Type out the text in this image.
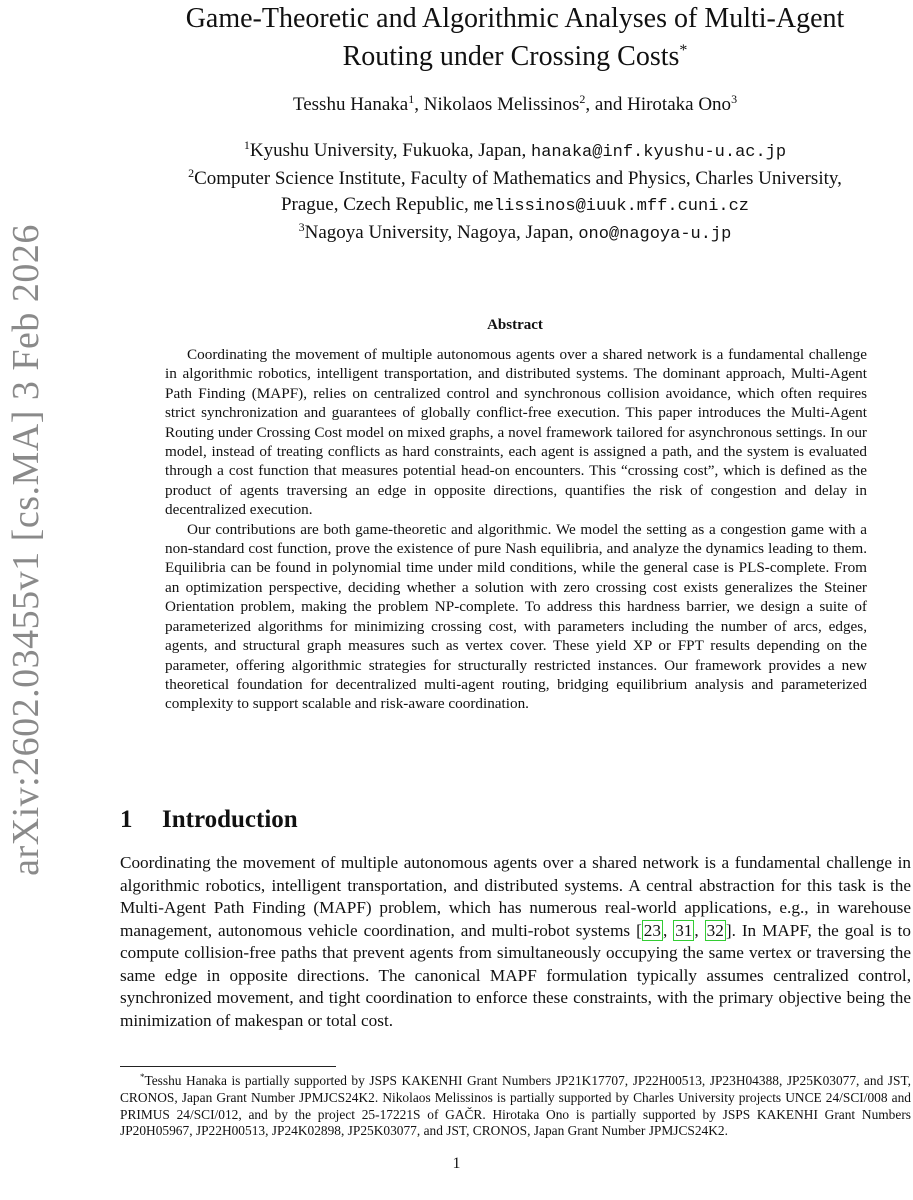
arXiv:2602.03455v1 [cs.MA] 3 Feb 2026
Game-Theoretic and Algorithmic Analyses of Multi-Agent
Routing under Crossing Costs*
Tesshu Hanaka$^1$, Nikolaos Melissinos$^2$, and Hirotaka Ono$^3$
$^1$Kyushu University, Fukuoka, Japan, hanaka@inf.kyushu-u.ac.jp
$^2$Computer Science Institute, Faculty of Mathematics and Physics, Charles University,
Prague, Czech Republic, melissinos@iuuk.mff.cuni.cz
$^3$Nagoya University, Nagoya, Japan, ono@nagoya-u.jp
Abstract

Coordinating the movement of multiple autonomous agents over a shared network is a fundamental challenge in algorithmic robotics, intelligent transportation, and distributed systems. The dominant approach, Multi-Agent Path Finding (MAPF), relies on centralized control and synchronous collision avoidance, which often requires strict synchronization and guarantees of globally conflict-free execution. This paper introduces the Multi-Agent Routing under Crossing Cost model on mixed graphs, a novel framework tailored for asynchronous settings. In our model, instead of treating conflicts as hard constraints, each agent is assigned a path, and the system is evaluated through a cost function that measures potential head-on encounters. This “crossing cost”, which is defined as the product of agents traversing an edge in opposite directions, quantifies the risk of congestion and delay in decentralized execution.

Our contributions are both game-theoretic and algorithmic. We model the setting as a congestion game with a non-standard cost function, prove the existence of pure Nash equilibria, and analyze the dynamics leading to them. Equilibria can be found in polynomial time under mild conditions, while the general case is PLS-complete. From an optimization perspective, deciding whether a solution with zero crossing cost exists generalizes the Steiner Orientation problem, making the problem NP-complete. To address this hardness barrier, we design a suite of parameterized algorithms for minimizing crossing cost, with parameters including the number of arcs, edges, agents, and structural graph measures such as vertex cover. These yield XP or FPT results depending on the parameter, offering algorithmic strategies for structurally restricted instances. Our framework provides a new theoretical foundation for decentralized multi-agent routing, bridging equilibrium analysis and parameterized complexity to support scalable and risk-aware coordination.

1 Introduction

Coordinating the movement of multiple autonomous agents over a shared network is a fundamental challenge in algorithmic robotics, intelligent transportation, and distributed systems. A central abstraction for this task is the Multi-Agent Path Finding (MAPF) problem, which has numerous real-world applications, e.g., in warehouse management, autonomous vehicle coordination, and multi-robot systems [ 23 , 31 , 32 ]. In MAPF, the goal is to compute collision-free paths that prevent agents from simultaneously occupying the same vertex or traversing the same edge in opposite directions. The canonical MAPF formulation typically assumes centralized control, synchronized movement, and tight coordination to enforce these constraints, with the primary objective being the minimization of makespan or total cost.

*Tesshu Hanaka is partially supported by JSPS KAKENHI Grant Numbers JP21K17707, JP22H00513, JP23H04388, JP25K03077, and JST, CRONOS, Japan Grant Number JPMJCS24K2. Nikolaos Melissinos is partially supported by Charles University projects UNCE 24/SCI/008 and PRIMUS 24/SCI/012, and by the project 25-17221S of GAČR. Hirotaka Ono is partially supported by JSPS KAKENHI Grant Numbers JP20H05967, JP22H00513, JP24K02898, JP25K03077, and JST, CRONOS, Japan Grant Number JPMJCS24K2.

1
